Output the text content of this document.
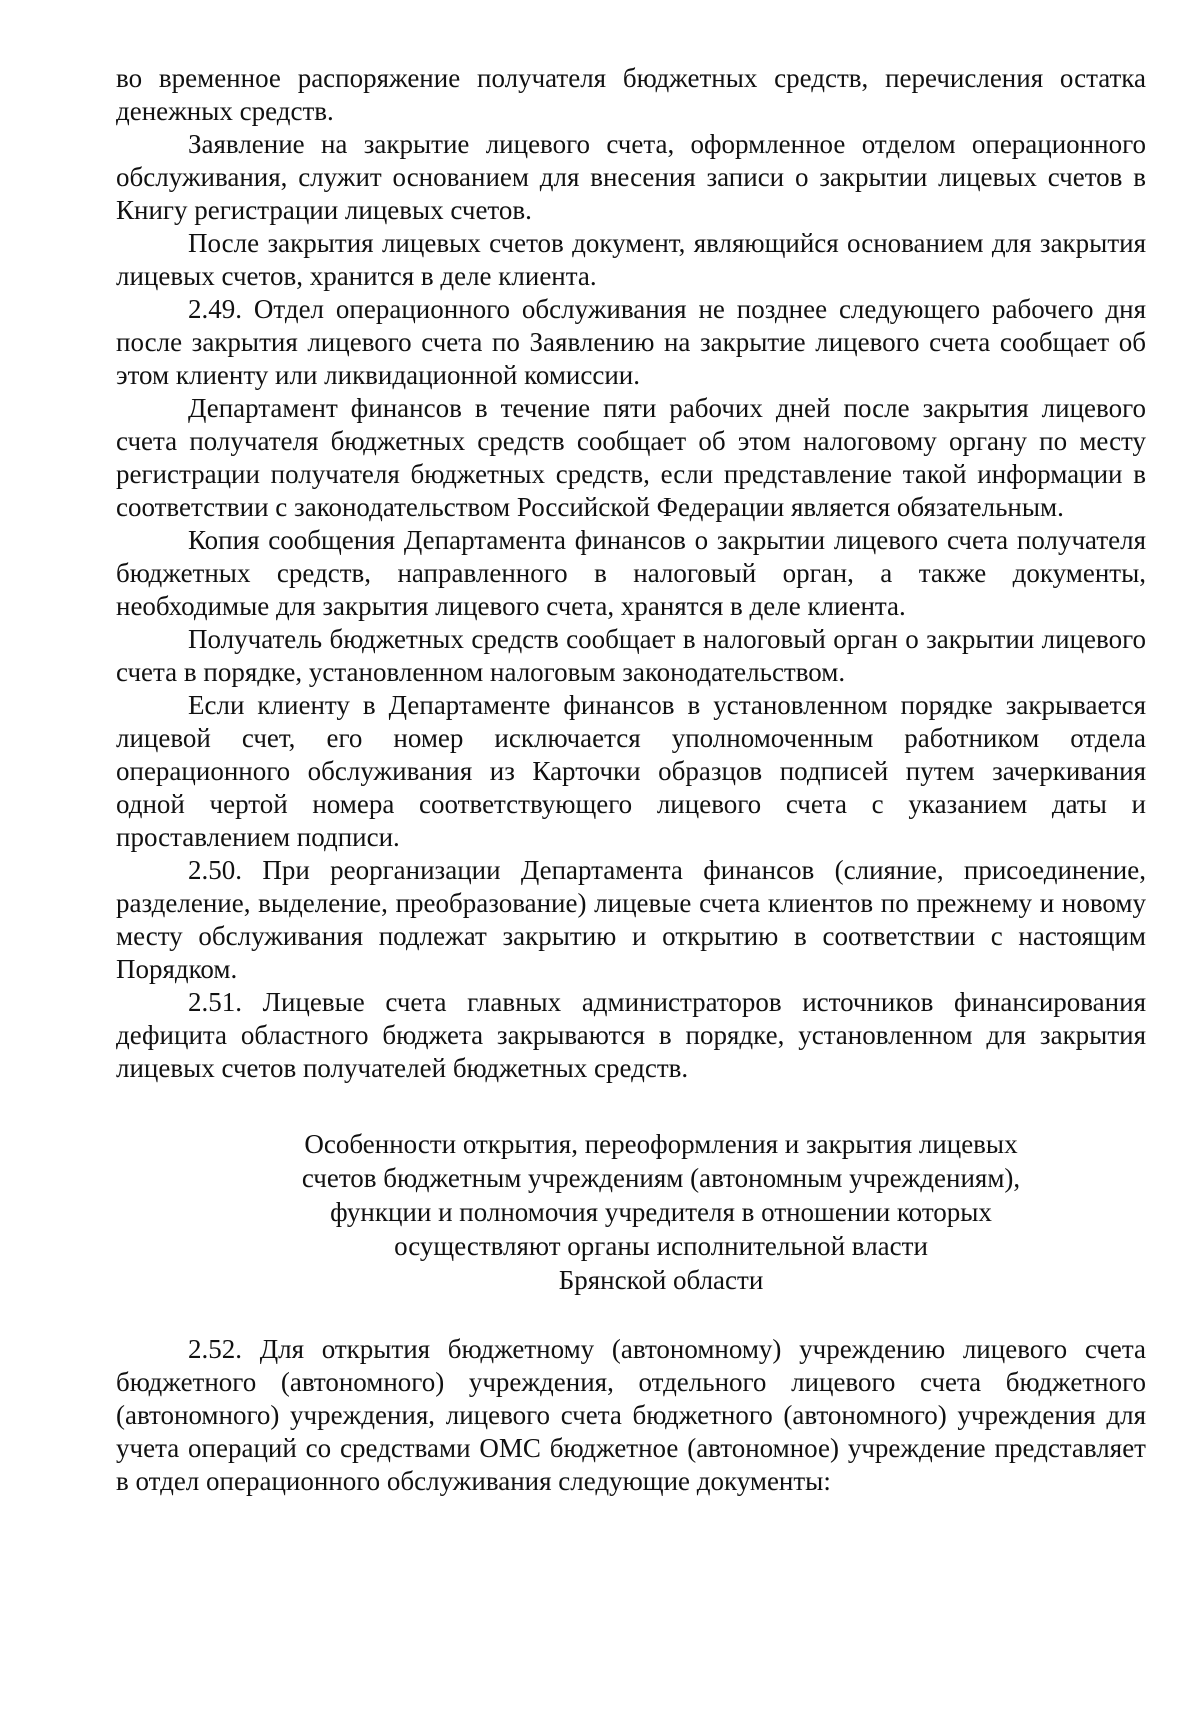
во временное распоряжение получателя бюджетных средств, перечисления остатка денежных средств.

Заявление на закрытие лицевого счета, оформленное отделом операционного обслуживания, служит основанием для внесения записи о закрытии лицевых счетов в Книгу регистрации лицевых счетов.

После закрытия лицевых счетов документ, являющийся основанием для закрытия лицевых счетов, хранится в деле клиента.

2.49. Отдел операционного обслуживания не позднее следующего рабочего дня после закрытия лицевого счета по Заявлению на закрытие лицевого счета сообщает об этом клиенту или ликвидационной комиссии.

Департамент финансов в течение пяти рабочих дней после закрытия лицевого счета получателя бюджетных средств сообщает об этом налоговому органу по месту регистрации получателя бюджетных средств, если представление такой информации в соответствии с законодательством Российской Федерации является обязательным.

Копия сообщения Департамента финансов о закрытии лицевого счета получателя бюджетных средств, направленного в налоговый орган, а также документы, необходимые для закрытия лицевого счета, хранятся в деле клиента.

Получатель бюджетных средств сообщает в налоговый орган о закрытии лицевого счета в порядке, установленном налоговым законодательством.

Если клиенту в Департаменте финансов в установленном порядке закрывается лицевой счет, его номер исключается уполномоченным работником отдела операционного обслуживания из Карточки образцов подписей путем зачеркивания одной чертой номера соответствующего лицевого счета с указанием даты и проставлением подписи.

2.50. При реорганизации Департамента финансов (слияние, присоединение, разделение, выделение, преобразование) лицевые счета клиентов по прежнему и новому месту обслуживания подлежат закрытию и открытию в соответствии с настоящим Порядком.

2.51. Лицевые счета главных администраторов источников финансирования дефицита областного бюджета закрываются в порядке, установленном для закрытия лицевых счетов получателей бюджетных средств.

Особенности открытия, переоформления и закрытия лицевых
счетов бюджетным учреждениям (автономным учреждениям),
функции и полномочия учредителя в отношении которых
осуществляют органы исполнительной власти
Брянской области

2.52. Для открытия бюджетному (автономному) учреждению лицевого счета бюджетного (автономного) учреждения, отдельного лицевого счета бюджетного (автономного) учреждения, лицевого счета бюджетного (автономного) учреждения для учета операций со средствами ОМС бюджетное (автономное) учреждение представляет в отдел операционного обслуживания следующие документы:
